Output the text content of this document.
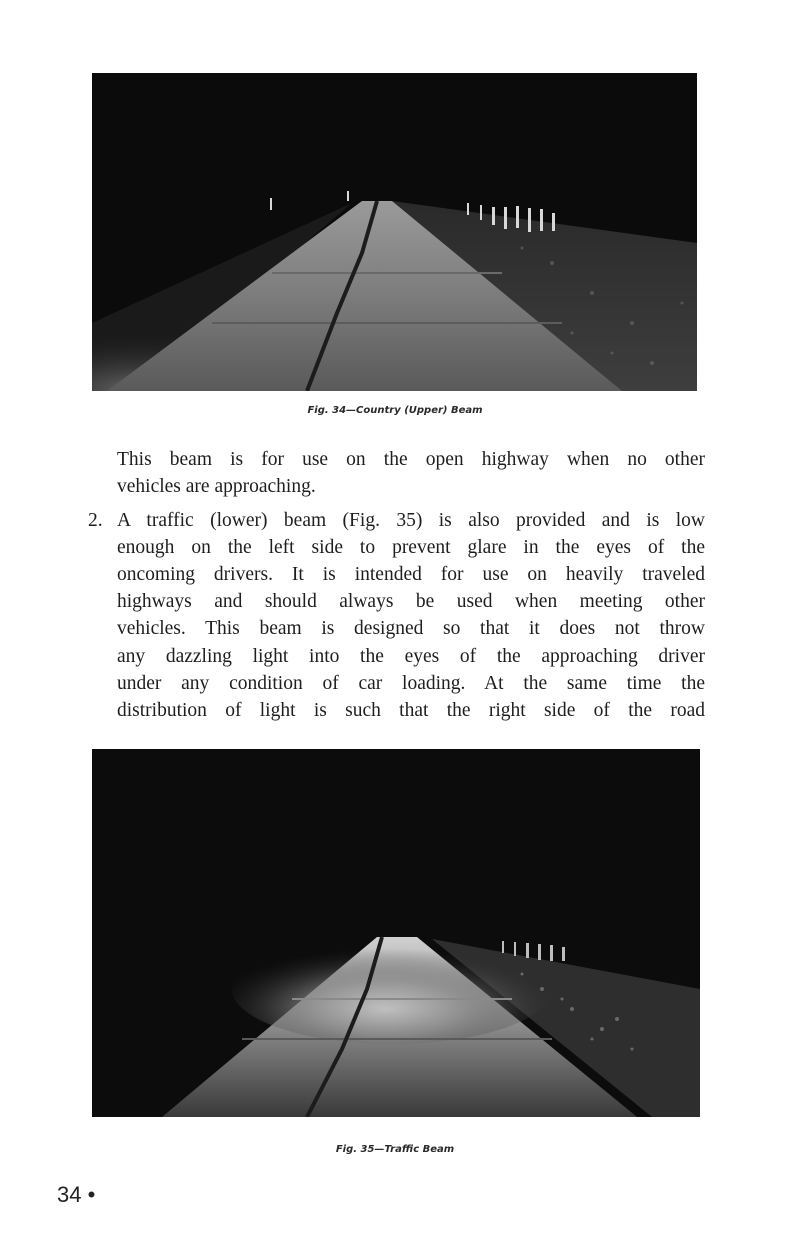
Fig. 34—Country (Upper) Beam
This beam is for use on the open highway when no other
vehicles are approaching.
2. A traffic (lower) beam (Fig. 35) is also provided and is low
enough on the left side to prevent glare in the eyes of the
oncoming drivers. It is intended for use on heavily traveled
highways and should always be used when meeting other
vehicles. This beam is designed so that it does not throw
any dazzling light into the eyes of the approaching driver
under any condition of car loading. At the same time the
distribution of light is such that the right side of the road
Fig. 35—Traffic Beam
34 •
